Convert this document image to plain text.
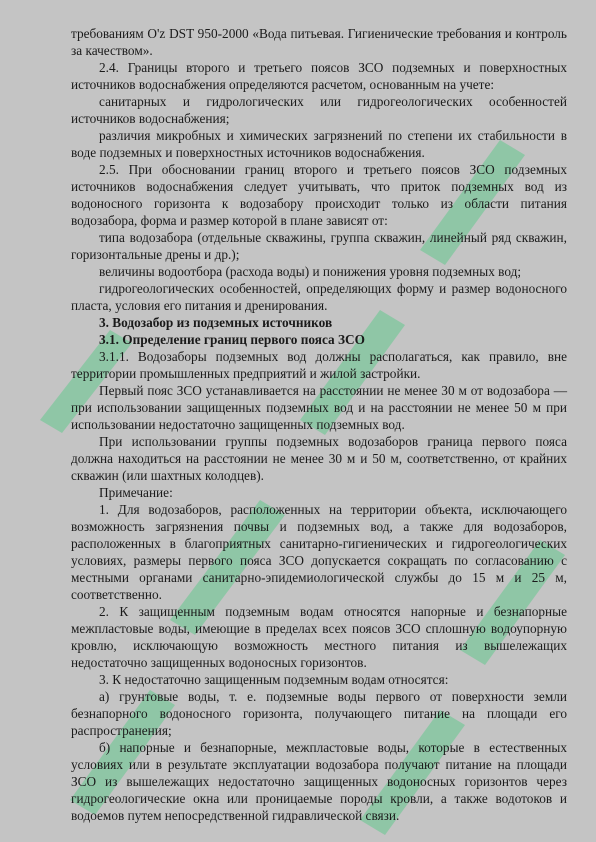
требованиям O'z DST 950-2000 «Вода питьевая. Гигиенические требования и контроль за качеством».

2.4. Границы второго и третьего поясов ЗСО подземных и поверхностных источников водоснабжения определяются расчетом, основанным на учете:

санитарных и гидрологических или гидрогеологических особенностей источников водоснабжения;

различия микробных и химических загрязнений по степени их стабильности в воде подземных и поверхностных источников водоснабжения.

2.5. При обосновании границ второго и третьего поясов ЗСО подземных источников водоснабжения следует учитывать, что приток подземных вод из водоносного горизонта к водозабору происходит только из области питания водозабора, форма и размер которой в плане зависят от:

типа водозабора (отдельные скважины, группа скважин, линейный ряд скважин, горизонтальные дрены и др.);

величины водоотбора (расхода воды) и понижения уровня подземных вод;

гидрогеологических особенностей, определяющих форму и размер водоносного пласта, условия его питания и дренирования.

3. Водозабор из подземных источников

3.1. Определение границ первого пояса ЗСО

3.1.1. Водозаборы подземных вод должны располагаться, как правило, вне территории промышленных предприятий и жилой застройки.

Первый пояс ЗСО устанавливается на расстоянии не менее 30 м от водозабора — при использовании защищенных подземных вод и на расстоянии не менее 50 м при использовании недостаточно защищенных подземных вод.

При использовании группы подземных водозаборов граница первого пояса должна находиться на расстоянии не менее 30 м и 50 м, соответственно, от крайних скважин (или шахтных колодцев).

Примечание:

1. Для водозаборов, расположенных на территории объекта, исключающего возможность загрязнения почвы и подземных вод, а также для водозаборов, расположенных в благоприятных санитарно-гигиенических и гидрогеологических условиях, размеры первого пояса ЗСО допускается сокращать по согласованию с местными органами санитарно-эпидемиологической службы до 15 м и 25 м, соответственно.

2. К защищенным подземным водам относятся напорные и безнапорные межпластовые воды, имеющие в пределах всех поясов ЗСО сплошную водоупорную кровлю, исключающую возможность местного питания из вышележащих недостаточно защищенных водоносных горизонтов.

3. К недостаточно защищенным подземным водам относятся:

а) грунтовые воды, т. е. подземные воды первого от поверхности земли безнапорного водоносного горизонта, получающего питание на площади его распространения;

б) напорные и безнапорные, межпластовые воды, которые в естественных условиях или в результате эксплуатации водозабора получают питание на площади ЗСО из вышележащих недостаточно защищенных водоносных горизонтов через гидрогеологические окна или проницаемые породы кровли, а также водотоков и водоемов путем непосредственной гидравлической связи.
